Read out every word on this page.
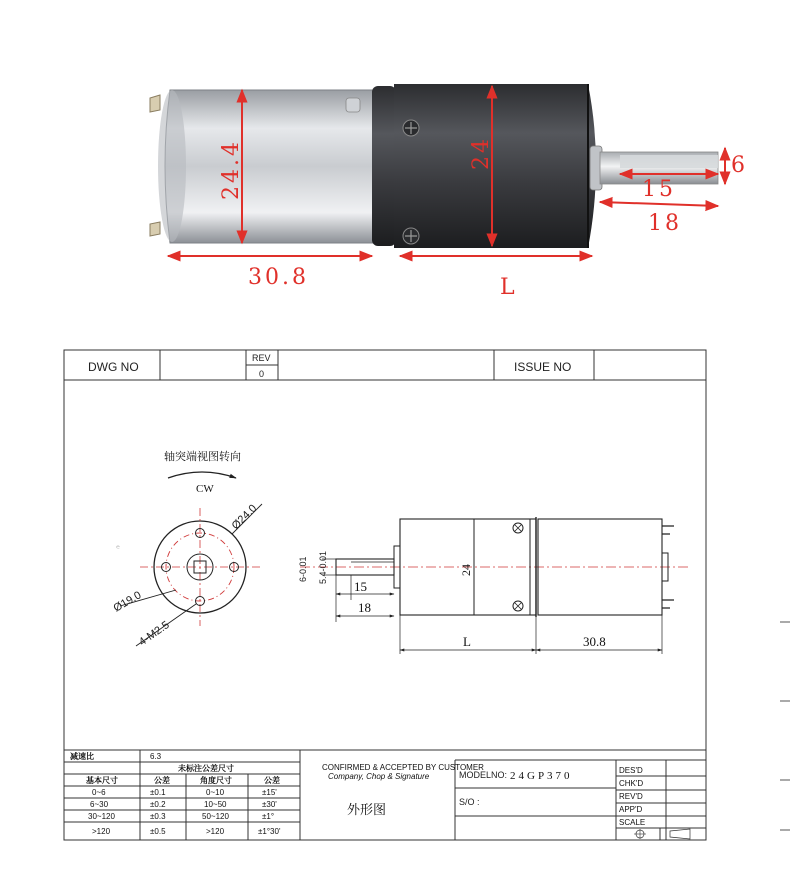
24.4	24	6
15
18
30.8	L
DWG NO
REV
0	ISSUE NO
轴突端视图转向
CW
Ø24.0
Ø19.0
4-M2.5
ᵉ
6-0.01 5.4-0.01
15
18
24
L	30.8
减速比	6.3
未标注公差尺寸
基本尺寸	公差	角度尺寸	公差
0~6	±0.1	0~10	±15'
6~30	±0.2	10~50	±30'
30~120	±0.3	50~120	±1°
>120	±0.5	>120	±1°30'
CONFIRMED & ACCEPTED BY CUSTOMER
Company, Chop & Signature
外形图
MODELNO: 24GP370
S/O :
DES'D
CHK'D
REV'D
APP'D
SCALE
